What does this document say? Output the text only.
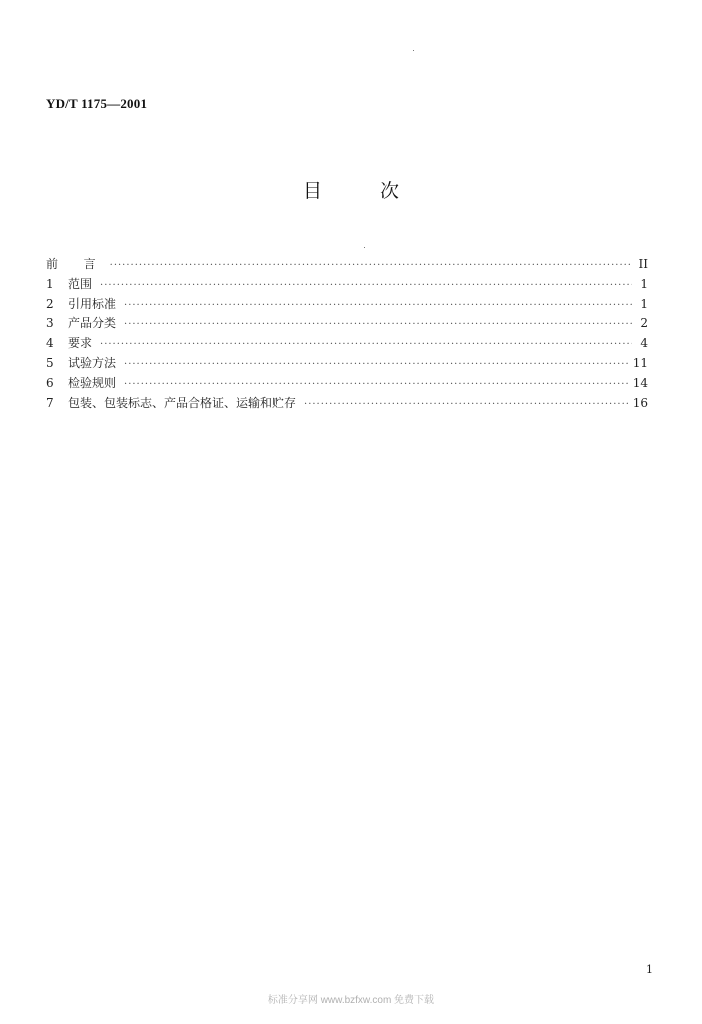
YD/T 1175—2001
目	次
前  言 ·····	II
1	范围 ·····	1
2	引用标准 ·····	1
3	产品分类 ·····	2
4	要求 ·····	4
5	试验方法 ·····	11
6	检验规则 ·····	14
7	包装、包装标志、产品合格证、运输和贮存 ·····	16
1
标准分享网 www.bzfxw.com 免费下载
